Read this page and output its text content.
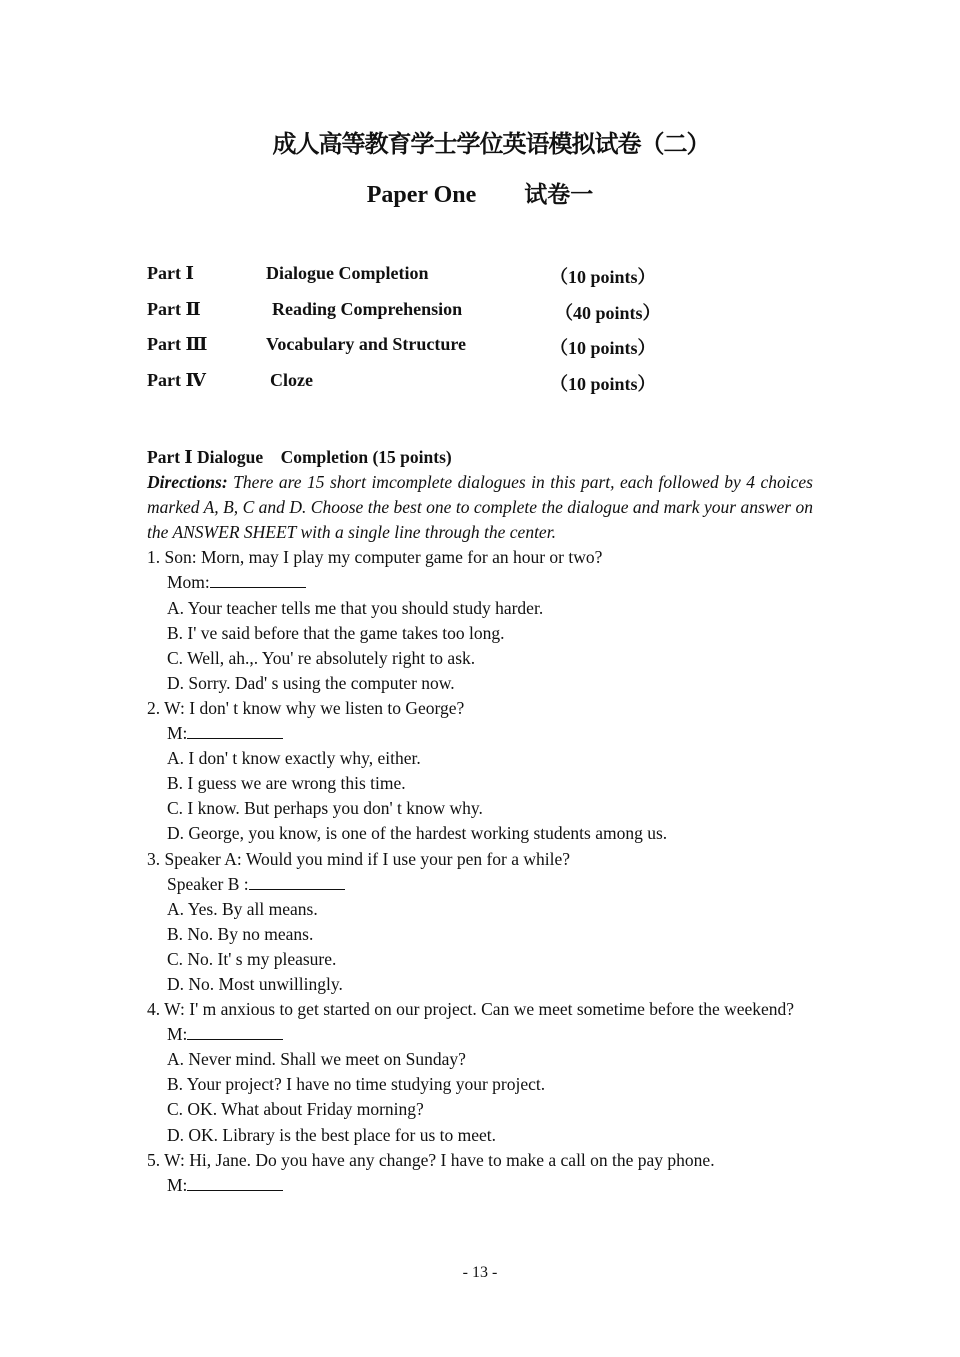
成人高等教育学士学位英语模拟试卷（二）
Paper One 试卷一
Part Ⅰ	Dialogue Completion	（10 points）
Part Ⅱ	Reading Comprehension	（40 points）
Part Ⅲ	Vocabulary and Structure	（10 points）
Part Ⅳ	Cloze	（10 points）
Part Ⅰ Dialogue　Completion (15 points)
Directions: There are 15 short imcomplete dialogues in this part, each followed by 4 choices marked A, B, C and D. Choose the best one to complete the dialogue and mark your answer on the ANSWER SHEET with a single line through the center.
1. Son: Morn, may I play my computer game for an hour or two?
Mom:
A. Your teacher tells me that you should study harder.
B. I' ve said before that the game takes too long.
C. Well, ah.,. You' re absolutely right to ask.
D. Sorry. Dad' s using the computer now.
2. W: I don' t know why we listen to George?
M:
A. I don' t know exactly why, either.
B. I guess we are wrong this time.
C. I know. But perhaps you don' t know why.
D. George, you know, is one of the hardest working students among us.
3. Speaker A: Would you mind if I use your pen for a while?
Speaker B :
A. Yes. By all means.
B. No. By no means.
C. No. It' s my pleasure.
D. No. Most unwillingly.
4. W: I' m anxious to get started on our project. Can we meet sometime before the weekend?
M:
A. Never mind. Shall we meet on Sunday?
B. Your project? I have no time studying your project.
C. OK. What about Friday morning?
D. OK. Library is the best place for us to meet.
5. W: Hi, Jane. Do you have any change? I have to make a call on the pay phone.
M:
- 13 -
